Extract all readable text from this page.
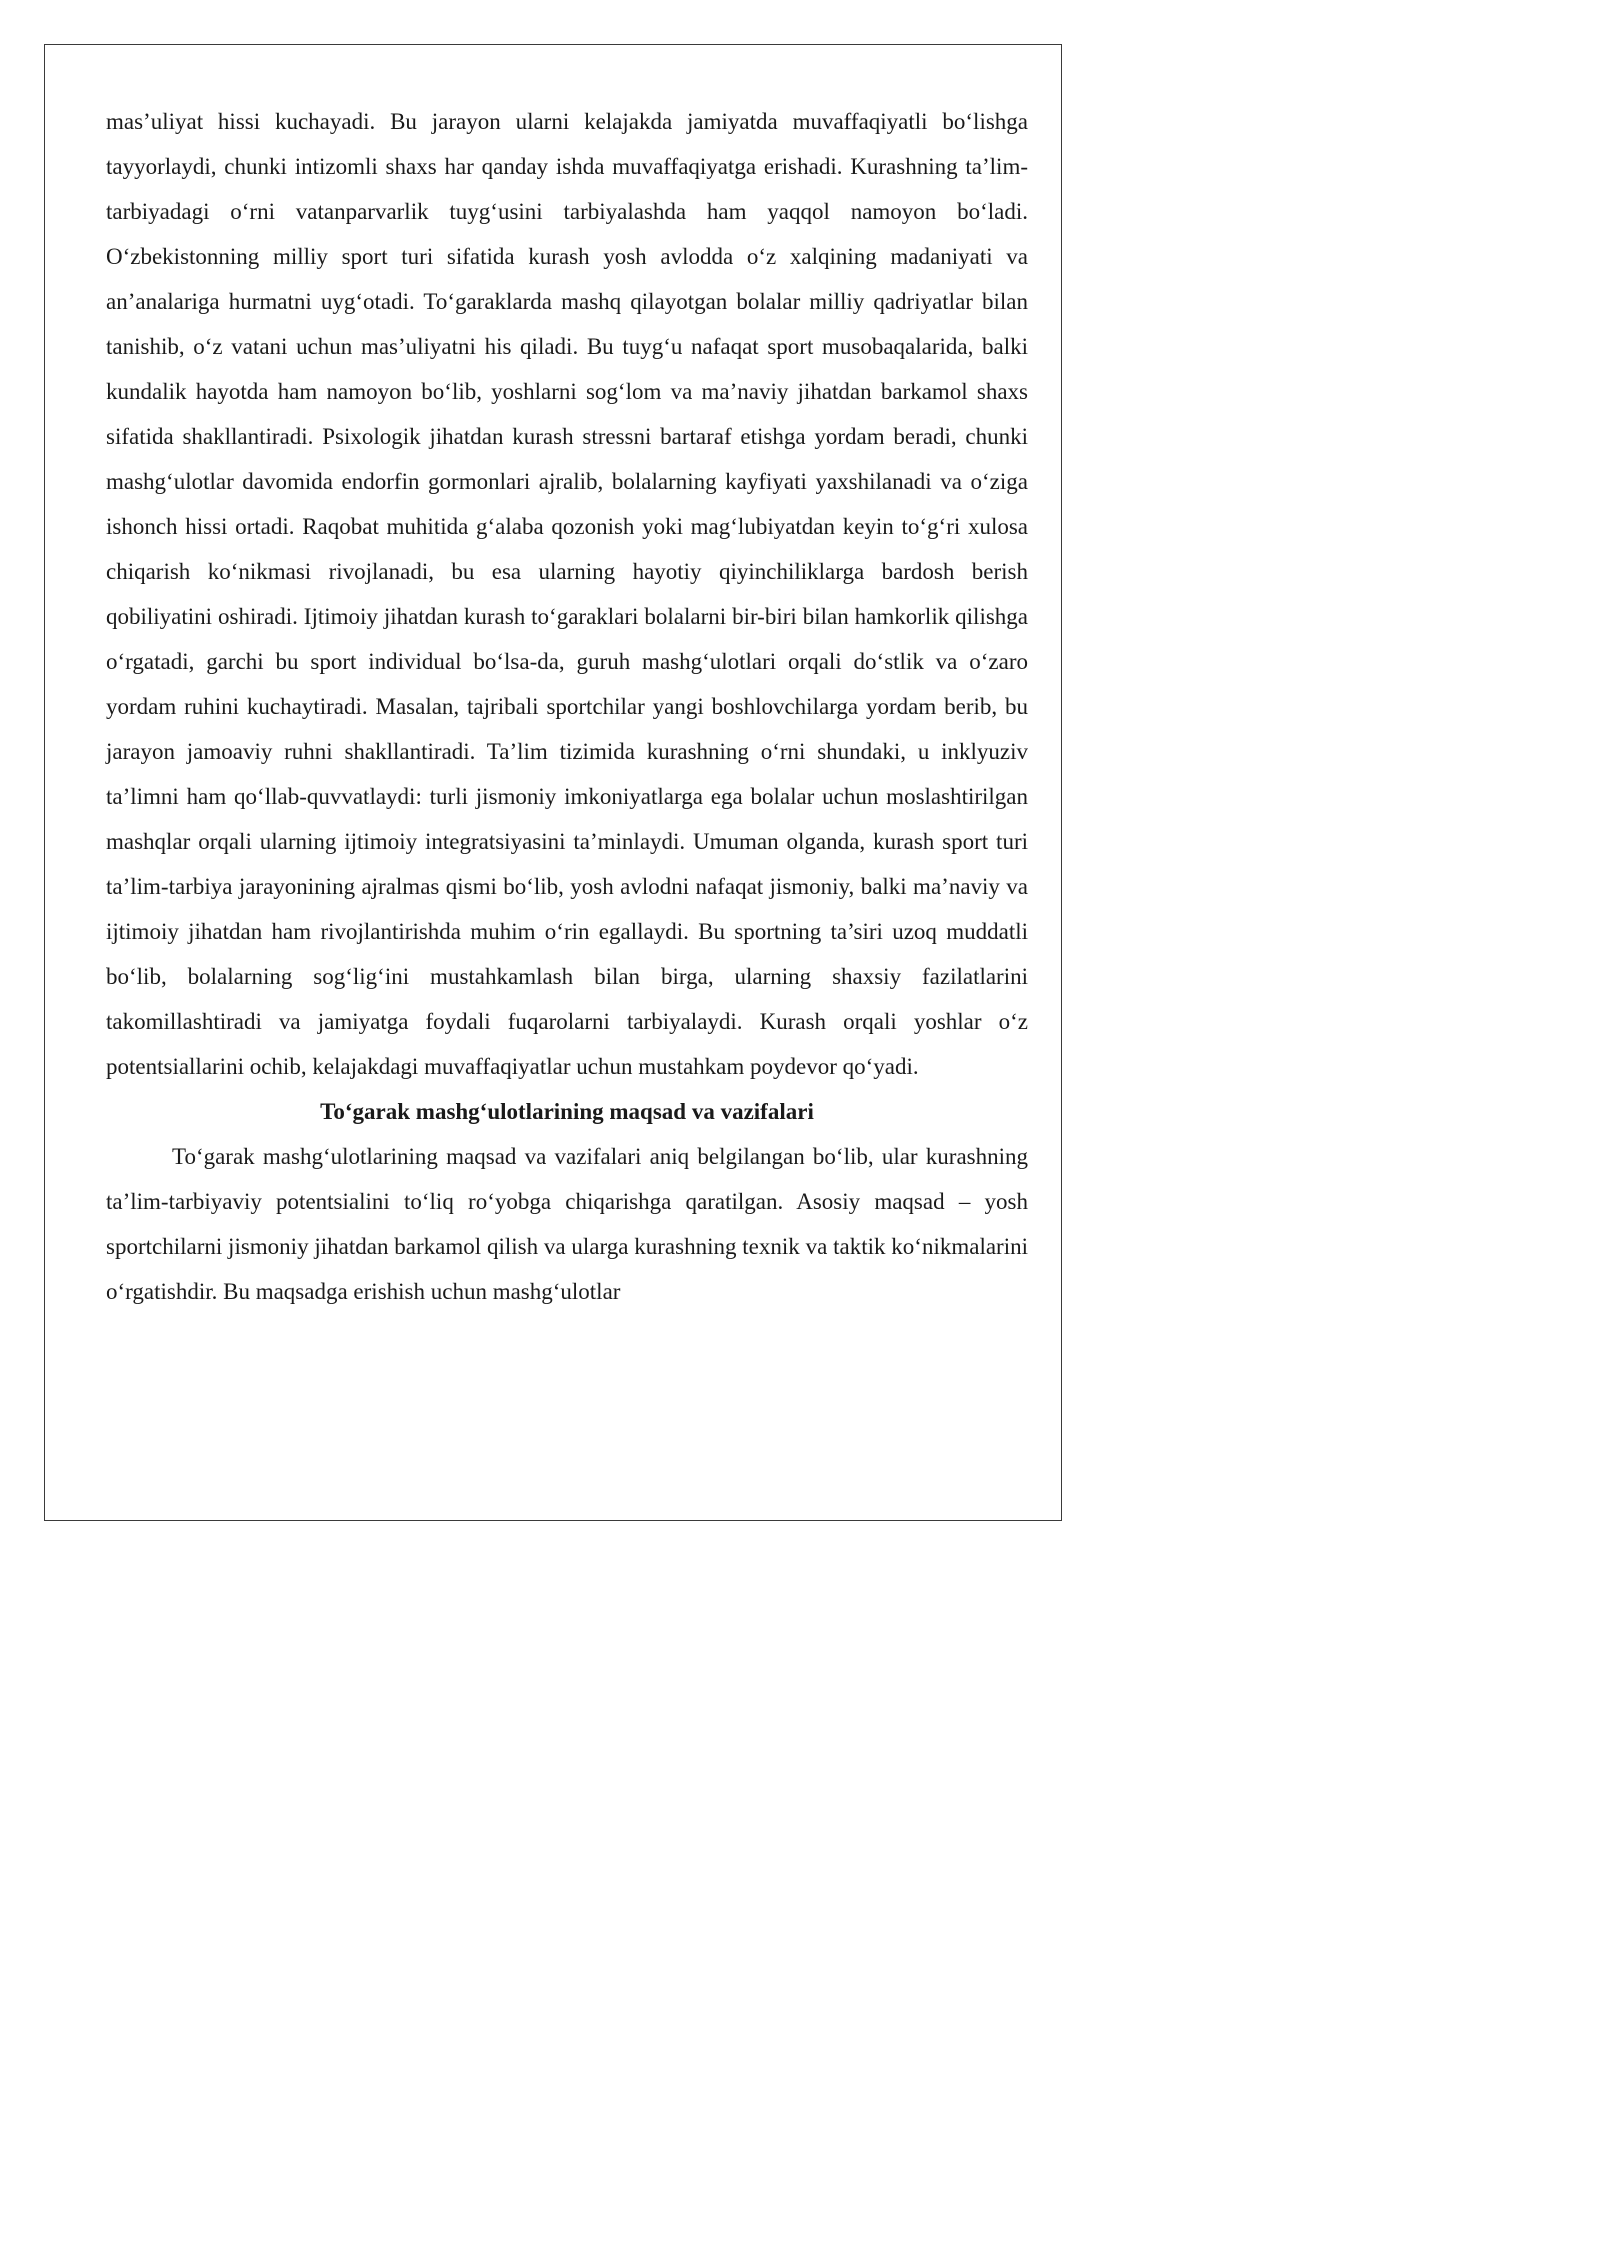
mas’uliyat hissi kuchayadi. Bu jarayon ularni kelajakda jamiyatda muvaffaqiyatli bo‘lishga tayyorlaydi, chunki intizomli shaxs har qanday ishda muvaffaqiyatga erishadi. Kurashning ta’lim-tarbiyadagi o‘rni vatanparvarlik tuyg‘usini tarbiyalashda ham yaqqol namoyon bo‘ladi. O‘zbekistonning milliy sport turi sifatida kurash yosh avlodda o‘z xalqining madaniyati va an’analariga hurmatni uyg‘otadi. To‘garaklarda mashq qilayotgan bolalar milliy qadriyatlar bilan tanishib, o‘z vatani uchun mas’uliyatni his qiladi. Bu tuyg‘u nafaqat sport musobaqalarida, balki kundalik hayotda ham namoyon bo‘lib, yoshlarni sog‘lom va ma’naviy jihatdan barkamol shaxs sifatida shakllantiradi. Psixologik jihatdan kurash stressni bartaraf etishga yordam beradi, chunki mashg‘ulotlar davomida endorfin gormonlari ajralib, bolalarning kayfiyati yaxshilanadi va o‘ziga ishonch hissi ortadi. Raqobat muhitida g‘alaba qozonish yoki mag‘lubiyatdan keyin to‘g‘ri xulosa chiqarish ko‘nikmasi rivojlanadi, bu esa ularning hayotiy qiyinchiliklarga bardosh berish qobiliyatini oshiradi. Ijtimoiy jihatdan kurash to‘garaklari bolalarni bir-biri bilan hamkorlik qilishga o‘rgatadi, garchi bu sport individual bo‘lsa-da, guruh mashg‘ulotlari orqali do‘stlik va o‘zaro yordam ruhini kuchaytiradi. Masalan, tajribali sportchilar yangi boshlovchilarga yordam berib, bu jarayon jamoaviy ruhni shakllantiradi. Ta’lim tizimida kurashning o‘rni shundaki, u inklyuziv ta’limni ham qo‘llab-quvvatlaydi: turli jismoniy imkoniyatlarga ega bolalar uchun moslashtirilgan mashqlar orqali ularning ijtimoiy integratsiyasini ta’minlaydi. Umuman olganda, kurash sport turi ta’lim-tarbiya jarayonining ajralmas qismi bo‘lib, yosh avlodni nafaqat jismoniy, balki ma’naviy va ijtimoiy jihatdan ham rivojlantirishda muhim o‘rin egallaydi. Bu sportning ta’siri uzoq muddatli bo‘lib, bolalarning sog‘lig‘ini mustahkamlash bilan birga, ularning shaxsiy fazilatlarini takomillashtiradi va jamiyatga foydali fuqarolarni tarbiyalaydi. Kurash orqali yoshlar o‘z potentsiallarini ochib, kelajakdagi muvaffaqiyatlar uchun mustahkam poydevor qo‘yadi.

To‘garak mashg‘ulotlarining maqsad va vazifalari

To‘garak mashg‘ulotlarining maqsad va vazifalari aniq belgilangan bo‘lib, ular kurashning ta’lim-tarbiyaviy potentsialini to‘liq ro‘yobga chiqarishga qaratilgan. Asosiy maqsad – yosh sportchilarni jismoniy jihatdan barkamol qilish va ularga kurashning texnik va taktik ko‘nikmalarini o‘rgatishdir. Bu maqsadga erishish uchun mashg‘ulotlar
